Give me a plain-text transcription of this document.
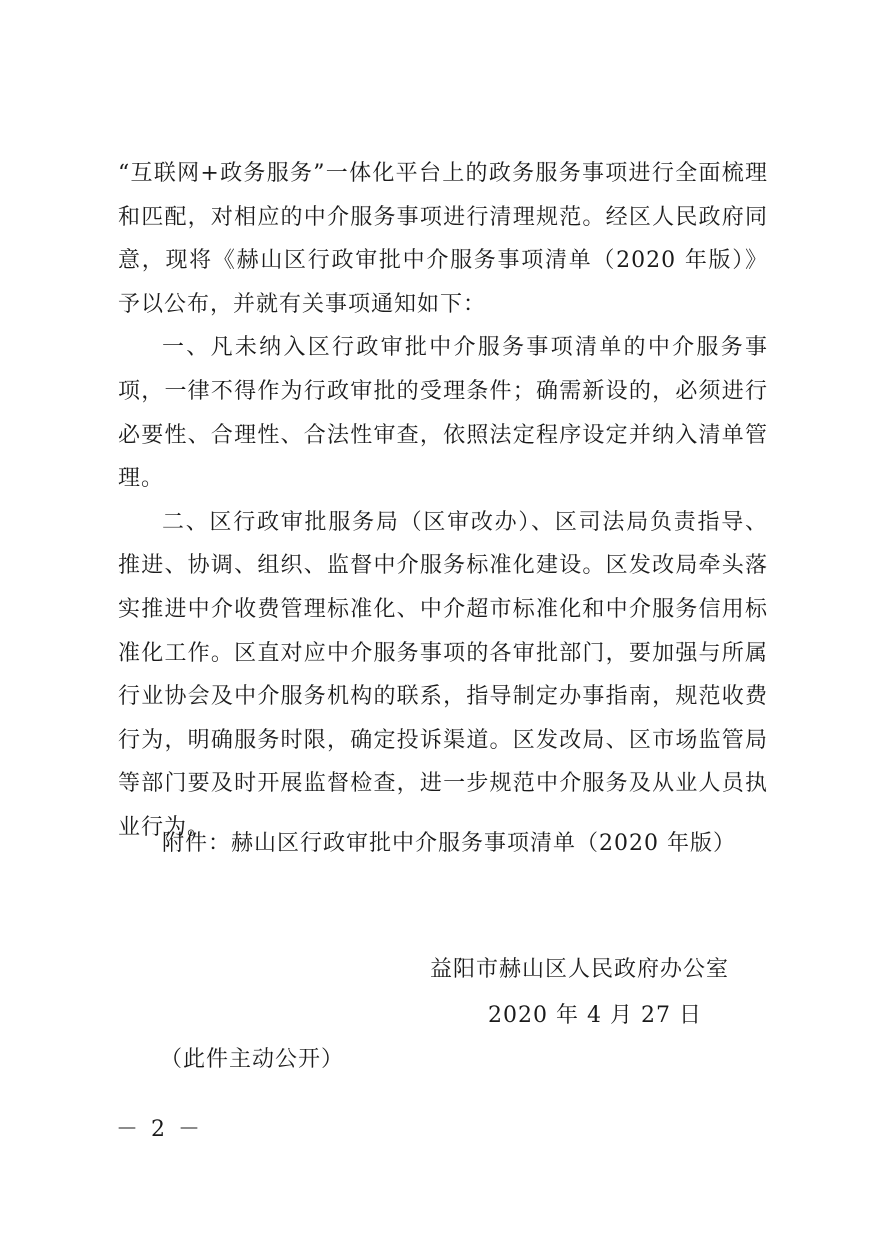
“互联网+政务服务”一体化平台上的政务服务事项进行全面梳理和匹配，对相应的中介服务事项进行清理规范。经区人民政府同意，现将《赫山区行政审批中介服务事项清单（2020 年版）》予以公布，并就有关事项通知如下：

一、凡未纳入区行政审批中介服务事项清单的中介服务事项，一律不得作为行政审批的受理条件；确需新设的，必须进行必要性、合理性、合法性审查，依照法定程序设定并纳入清单管理。

二、区行政审批服务局（区审改办）、区司法局负责指导、推进、协调、组织、监督中介服务标准化建设。区发改局牵头落实推进中介收费管理标准化、中介超市标准化和中介服务信用标准化工作。区直对应中介服务事项的各审批部门，要加强与所属行业协会及中介服务机构的联系，指导制定办事指南，规范收费行为，明确服务时限，确定投诉渠道。区发改局、区市场监管局等部门要及时开展监督检查，进一步规范中介服务及从业人员执业行为。

附件：赫山区行政审批中介服务事项清单（2020 年版）
益阳市赫山区人民政府办公室
2020 年 4 月 27 日
（此件主动公开）
－ 2 －
